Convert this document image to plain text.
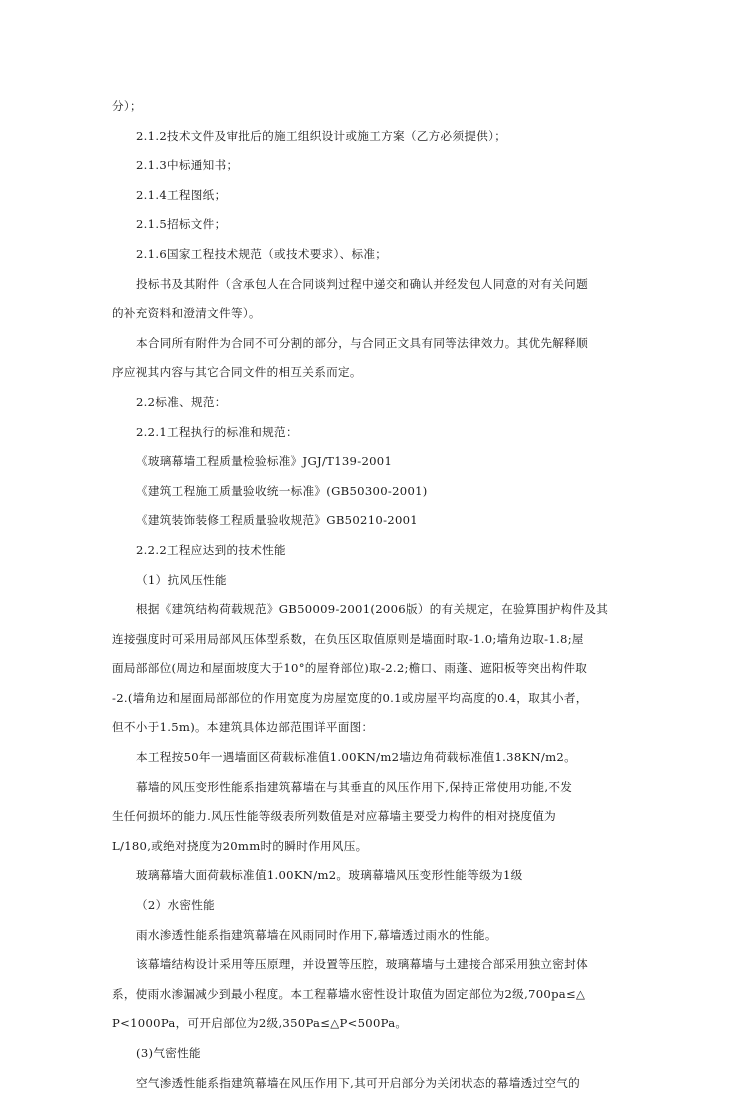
分）；
2.1.2技术文件及审批后的施工组织设计或施工方案（乙方必须提供）；
2.1.3中标通知书；
2.1.4工程图纸；
2.1.5招标文件；
2.1.6国家工程技术规范（或技术要求）、标准；
投标书及其附件（含承包人在合同谈判过程中递交和确认并经发包人同意的对有关问题
的补充资料和澄清文件等）。
本合同所有附件为合同不可分割的部分，与合同正文具有同等法律效力。其优先解释顺
序应视其内容与其它合同文件的相互关系而定。
2.2标准、规范：
2.2.1工程执行的标准和规范：
《玻璃幕墙工程质量检验标准》JGJ/T139-2001
《建筑工程施工质量验收统一标准》(GB50300-2001)
《建筑装饰装修工程质量验收规范》GB50210-2001
2.2.2工程应达到的技术性能
（1）抗风压性能
根据《建筑结构荷载规范》GB50009-2001(2006版）的有关规定，在验算围护构件及其
连接强度时可采用局部风压体型系数，在负压区取值原则是墙面时取-1.0;墙角边取-1.8;屋
面局部部位(周边和屋面坡度大于10°的屋脊部位)取-2.2;檐口、雨蓬、遮阳板等突出构件取
-2.(墙角边和屋面局部部位的作用宽度为房屋宽度的0.1或房屋平均高度的0.4，取其小者，
但不小于1.5m)。本建筑具体边部范围详平面图：
本工程按50年一遇墙面区荷载标准值1.00KN/m2墙边角荷载标准值1.38KN/m2。
幕墙的风压变形性能系指建筑幕墙在与其垂直的风压作用下,保持正常使用功能,不发
生任何损坏的能力.风压性能等级表所列数值是对应幕墙主要受力构件的相对挠度值为
L/180,或绝对挠度为20mm时的瞬时作用风压。
玻璃幕墙大面荷载标准值1.00KN/m2。玻璃幕墙风压变形性能等级为1级
（2）水密性能
雨水渗透性能系指建筑幕墙在风雨同时作用下,幕墙透过雨水的性能。
该幕墙结构设计采用等压原理，并设置等压腔，玻璃幕墙与土建接合部采用独立密封体
系，使雨水渗漏减少到最小程度。本工程幕墙水密性设计取值为固定部位为2级,700pa≤△
P<1000Pa，可开启部位为2级,350Pa≤△P<500Pa。
(3)气密性能
空气渗透性能系指建筑幕墙在风压作用下,其可开启部分为关闭状态的幕墙透过空气的
